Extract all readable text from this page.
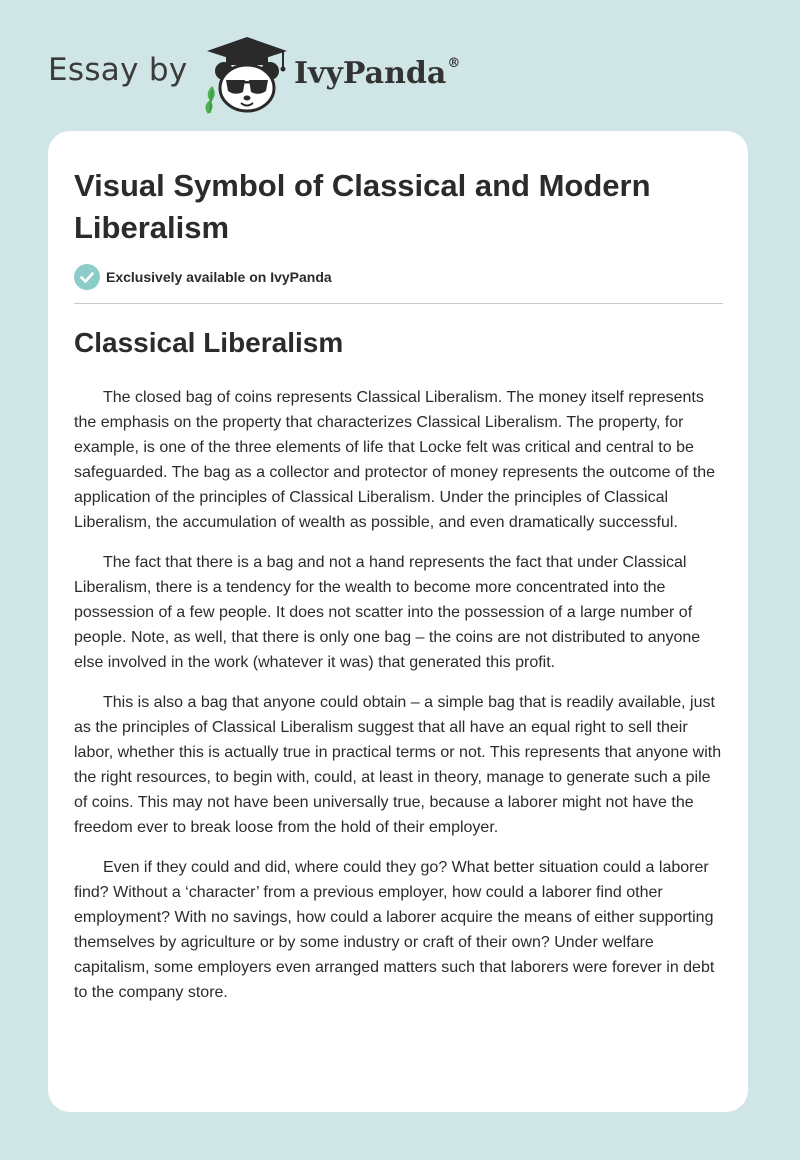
Essay by	IvyPanda®
Visual Symbol of Classical and Modern Liberalism
Exclusively available on IvyPanda
Classical Liberalism

The closed bag of coins represents Classical Liberalism. The money itself represents the emphasis on the property that characterizes Classical Liberalism. The property, for example, is one of the three elements of life that Locke felt was critical and central to be safeguarded. The bag as a collector and protector of money represents the outcome of the application of the principles of Classical Liberalism. Under the principles of Classical Liberalism, the accumulation of wealth as possible, and even dramatically successful.

The fact that there is a bag and not a hand represents the fact that under Classical Liberalism, there is a tendency for the wealth to become more concentrated into the possession of a few people. It does not scatter into the possession of a large number of people. Note, as well, that there is only one bag – the coins are not distributed to anyone else involved in the work (whatever it was) that generated this profit.

This is also a bag that anyone could obtain – a simple bag that is readily available, just as the principles of Classical Liberalism suggest that all have an equal right to sell their labor, whether this is actually true in practical terms or not. This represents that anyone with the right resources, to begin with, could, at least in theory, manage to generate such a pile of coins. This may not have been universally true, because a laborer might not have the freedom ever to break loose from the hold of their employer.

Even if they could and did, where could they go? What better situation could a laborer find? Without a ‘character’ from a previous employer, how could a laborer find other employment? With no savings, how could a laborer acquire the means of either supporting themselves by agriculture or by some industry or craft of their own? Under welfare capitalism, some employers even arranged matters such that laborers were forever in debt to the company store.
